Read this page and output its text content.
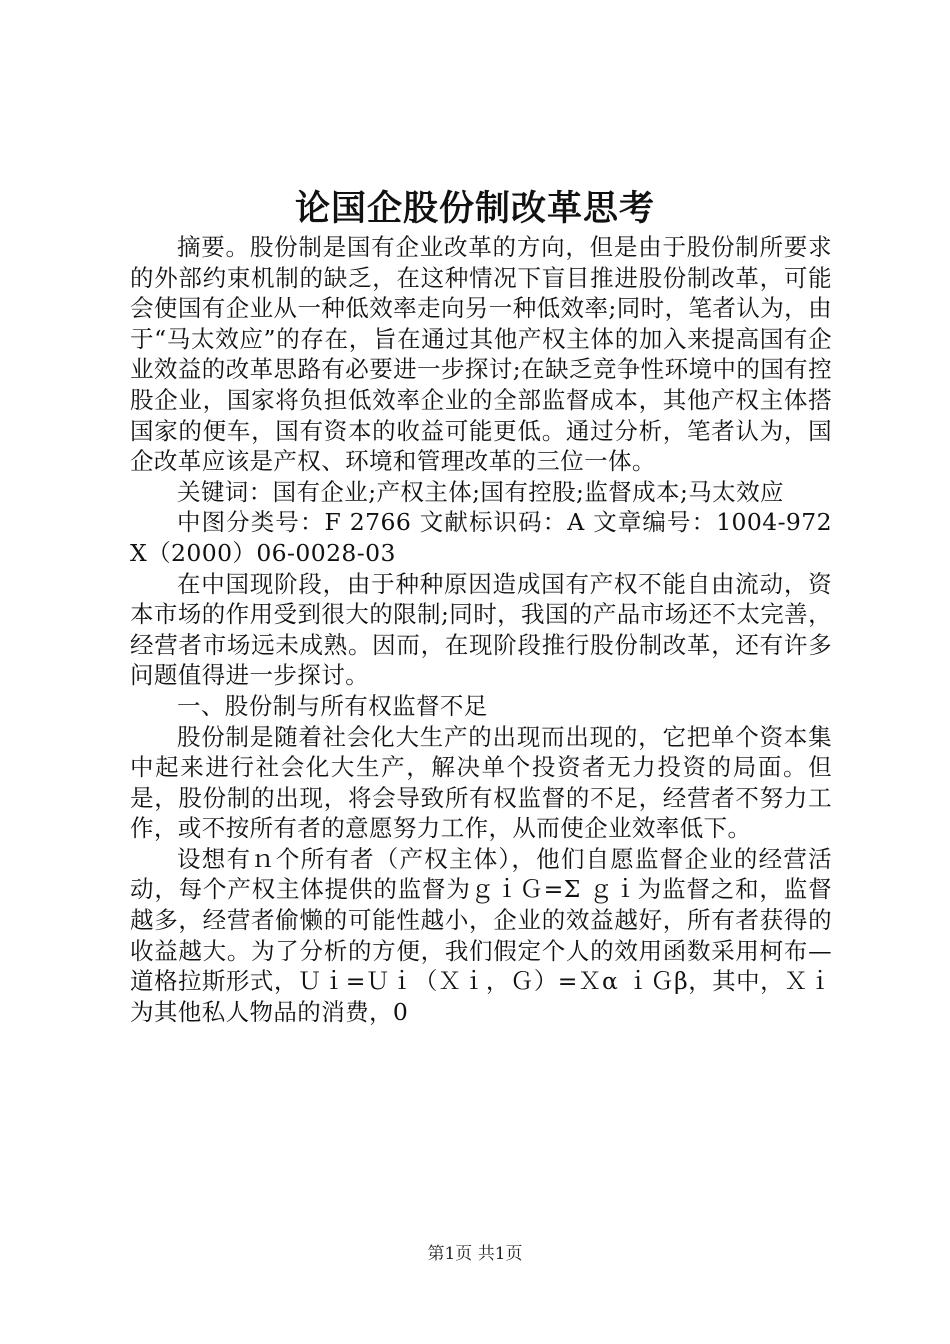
论国企股份制改革思考

摘要。股份制是国有企业改革的方向，但是由于股份制所要求的外部约束机制的缺乏，在这种情况下盲目推进股份制改革，可能会使国有企业从一种低效率走向另一种低效率;同时，笔者认为，由于“马太效应”的存在，旨在通过其他产权主体的加入来提高国有企业效益的改革思路有必要进一步探讨;在缺乏竞争性环境中的国有控股企业，国家将负担低效率企业的全部监督成本，其他产权主体搭国家的便车，国有资本的收益可能更低。通过分析，笔者认为，国企改革应该是产权、环境和管理改革的三位一体。

关键词：国有企业;产权主体;国有控股;监督成本;马太效应

中图分类号：F 2766 文献标识码：A 文章编号：1004-972X（2000）06-0028-03

在中国现阶段，由于种种原因造成国有产权不能自由流动，资本市场的作用受到很大的限制;同时，我国的产品市场还不太完善，经营者市场远未成熟。因而，在现阶段推行股份制改革，还有许多问题值得进一步探讨。

一、股份制与所有权监督不足

股份制是随着社会化大生产的出现而出现的，它把单个资本集中起来进行社会化大生产，解决单个投资者无力投资的局面。但是，股份制的出现，将会导致所有权监督的不足，经营者不努力工作，或不按所有者的意愿努力工作，从而使企业效率低下。

设想有ｎ个所有者（产权主体），他们自愿监督企业的经营活动，每个产权主体提供的监督为ｇｉＧ=Σ ｇｉ为监督之和，监督越多，经营者偷懒的可能性越小，企业的效益越好，所有者获得的收益越大。为了分析的方便，我们假定个人的效用函数采用柯布—道格拉斯形式，Ｕｉ=Ｕｉ（Ｘｉ，Ｇ）=Ｘα ｉＧβ，其中，Ｘｉ为其他私人物品的消费，0

第1页 共1页
